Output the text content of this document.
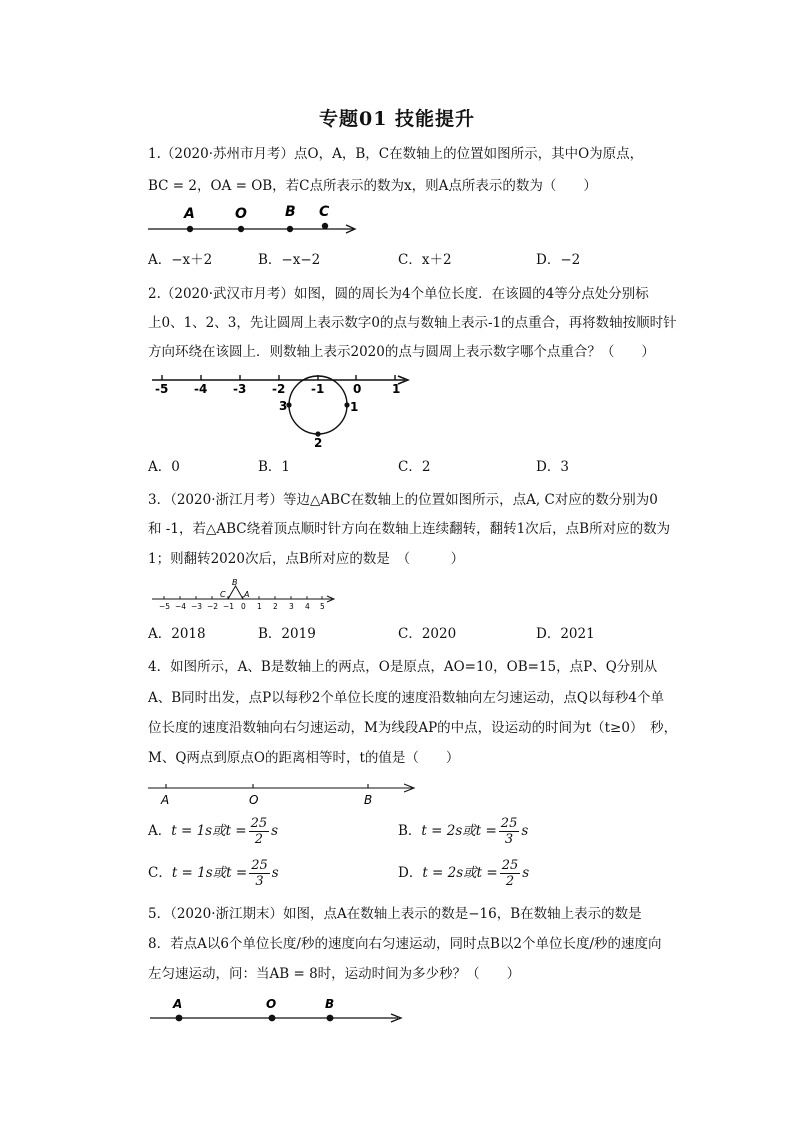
专题01 技能提升
1.（2020·苏州市月考）点O，A，B，C在数轴上的位置如图所示，其中O为原点，
BC = 2，OA = OB，若C点所表示的数为x，则A点所表示的数为（　　）
A	O	B C
A．−x＋2	B．−x−2	C．x＋2	D．−2
2.（2020·武汉市月考）如图，圆的周长为4个单位长度．在该圆的4等分点处分别标
上0、1、2、3，先让圆周上表示数字0的点与数轴上表示-1的点重合，再将数轴按顺时针
方向环绕在该圆上．则数轴上表示2020的点与圆周上表示数字哪个点重合？（　　）
-5 -4 -3 -2 -1 0	1
3	1
2
A．0	B．1	C．2	D．3
3．（2020·浙江月考）等边△ABC在数轴上的位置如图所示，点A, C对应的数分别为0
和 -1，若△ABC绕着顶点顺时针方向在数轴上连续翻转，翻转1次后，点B所对应的数为
1；则翻转2020次后，点B所对应的数是　（　　　）
−5 −4 −3 −2 −1 0 1 2 3 4 5
B
C A
A．2018	B．2019	C．2020	D．2021
4．如图所示，A、B是数轴上的两点，O是原点，AO=10，OB=15，点P、Q分别从
A、B同时出发，点P以每秒2个单位长度的速度沿数轴向左匀速运动，点Q以每秒4个单
位长度的速度沿数轴向右匀速运动，M为线段AP的中点，设运动的时间为t（t≥0）　秒，
M、Q两点到原点O的距离相等时，t的值是（　　）
A	O	B
A．t = 1s或$t = \frac{25}{2}$ s	B．t = 2s或$t = \frac{25}{3}$ s
C．t = 1s或$t = \frac{25}{3}$ s	D．t = 2s或$t = \frac{25}{2}$ s
5．（2020·浙江期末）如图，点A在数轴上表示的数是−16，B在数轴上表示的数是
8．若点A以6个单位长度/秒的速度向右匀速运动，同时点B以2个单位长度/秒的速度向
左匀速运动，问：当AB = 8时，运动时间为多少秒？（　　）
A	O	B
